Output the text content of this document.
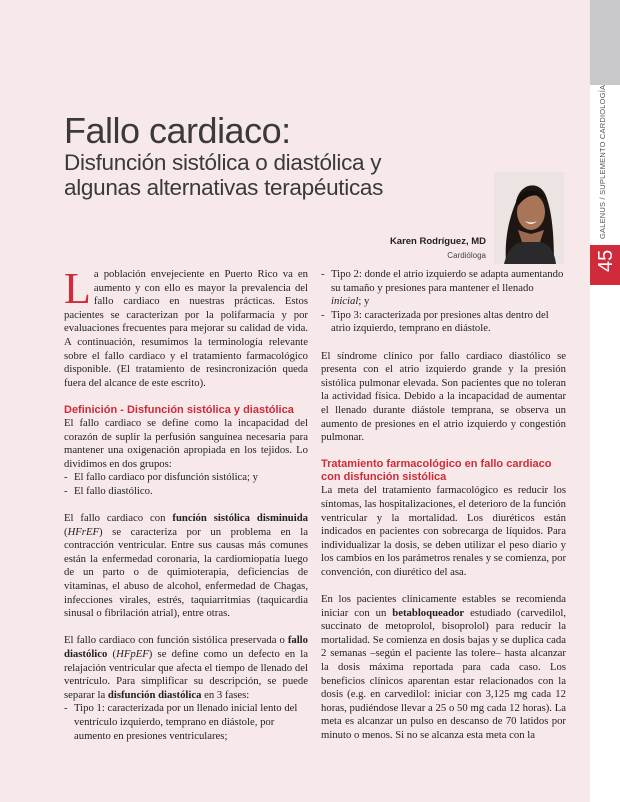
45
GALENUS / SUPLEMENTO CARDIOLOGÍA
Fallo cardiaco:
Disfunción sistólica o diastólica y
algunas alternativas terapéuticas
Karen Rodríguez, MD
Cardióloga

La población envejeciente en Puerto Rico va en aumento y con ello es mayor la prevalencia del fallo cardiaco en nuestras prácticas. Estos pacientes se caracterizan por la polifarmacia y por evaluaciones frecuentes para mejorar su calidad de vida. A continuación, resumimos la terminología relevante sobre el fallo cardiaco y el tratamiento farmacológico disponible. (El tratamiento de resincronización queda fuera del alcance de este escrito).

Definición - Disfunción sistólica y diastólica

El fallo cardiaco se define como la incapacidad del corazón de suplir la perfusión sanguínea necesaria para mantener una oxigenación apropiada en los tejidos. Lo dividimos en dos grupos:

- El fallo cardiaco por disfunción sistólica; y
- El fallo diastólico.

El fallo cardiaco con función sistólica disminuida (HFrEF) se caracteriza por un problema en la contracción ventricular. Entre sus causas más comunes están la enfermedad coronaria, la cardiomiopatía luego de un parto o de quimioterapia, deficiencias de vitaminas, el abuso de alcohol, enfermedad de Chagas, infecciones virales, estrés, taquiarritmias (taquicardia sinusal o fibrilación atrial), entre otras.

El fallo cardiaco con función sistólica preservada o fallo diastólico (HFpEF) se define como un defecto en la relajación ventricular que afecta el tiempo de llenado del ventrículo. Para simplificar su descripción, se puede separar la disfunción diastólica en 3 fases:

- Tipo 1: caracterizada por un llenado inicial lento del ventrículo izquierdo, temprano en diástole, por aumento en presiones ventriculares;
- Tipo 2: donde el atrio izquierdo se adapta aumentando su tamaño y presiones para mantener el llenado inicial; y
- Tipo 3: caracterizada por presiones altas dentro del atrio izquierdo, temprano en diástole.

El síndrome clínico por fallo cardiaco diastólico se presenta con el atrio izquierdo grande y la presión sistólica pulmonar elevada. Son pacientes que no toleran la actividad física. Debido a la incapacidad de aumentar el llenado durante diástole temprana, se observa un aumento de presiones en el atrio izquierdo y congestión pulmonar.

Tratamiento farmacológico en fallo cardiaco
con disfunción sistólica

La meta del tratamiento farmacológico es reducir los síntomas, las hospitalizaciones, el deterioro de la función ventricular y la mortalidad. Los diuréticos están indicados en pacientes con sobrecarga de líquidos. Para individualizar la dosis, se deben utilizar el peso diario y los cambios en los parámetros renales y se comienza, por convención, con diurético del asa.

En los pacientes clínicamente estables se recomienda iniciar con un betabloqueador estudiado (carvedilol, succinato de metoprolol, bisoprolol) para reducir la mortalidad. Se comienza en dosis bajas y se duplica cada 2 semanas –según el paciente las tolere– hasta alcanzar la dosis máxima reportada para cada caso. Los beneficios clínicos aparentan estar relacionados con la dosis (e.g. en carvedilol: iniciar con 3,125 mg cada 12 horas, pudiéndose llevar a 25 o 50 mg cada 12 horas). La meta es alcanzar un pulso en descanso de 70 latidos por minuto o menos. Si no se alcanza esta meta con la
